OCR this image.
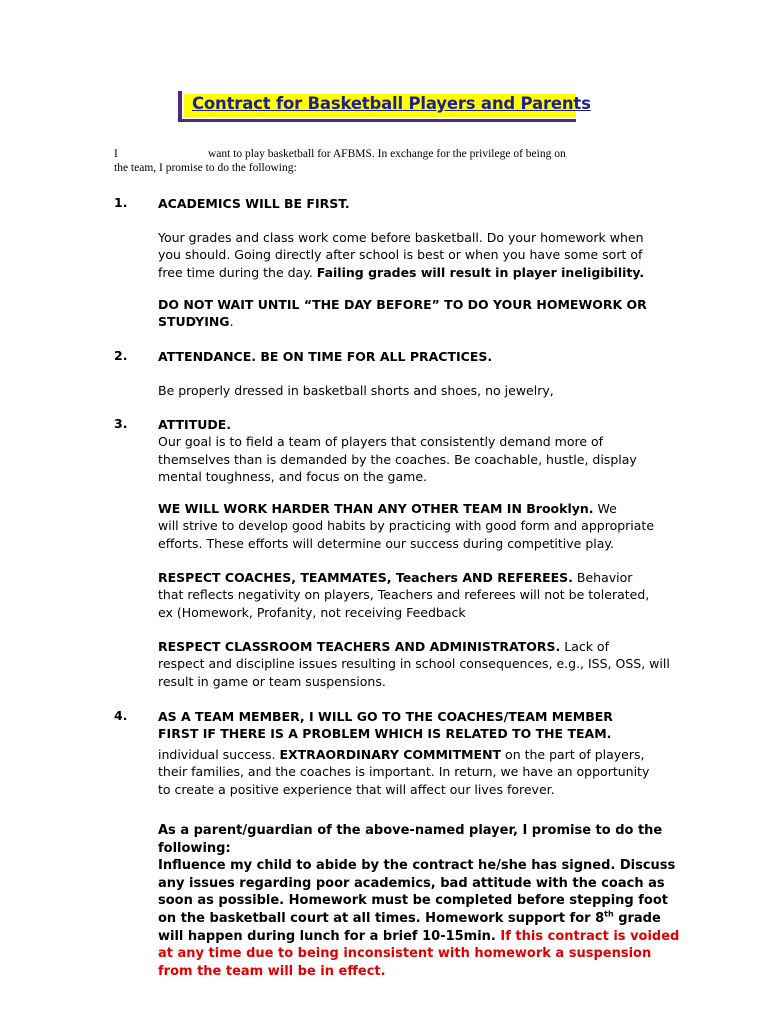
Contract for Basketball Players and Parents
I	want to play basketball for AFBMS. In exchange for the privilege of being on
the team, I promise to do the following:
1. ACADEMICS WILL BE FIRST.
Your grades and class work come before basketball. Do your homework when
you should. Going directly after school is best or when you have some sort of
free time during the day. Failing grades will result in player ineligibility.
DO NOT WAIT UNTIL “THE DAY BEFORE” TO DO YOUR HOMEWORK OR
STUDYING.
2. ATTENDANCE. BE ON TIME FOR ALL PRACTICES.
Be properly dressed in basketball shorts and shoes, no jewelry,
3. ATTITUDE.
Our goal is to field a team of players that consistently demand more of
themselves than is demanded by the coaches. Be coachable, hustle, display
mental toughness, and focus on the game.
WE WILL WORK HARDER THAN ANY OTHER TEAM IN Brooklyn. We
will strive to develop good habits by practicing with good form and appropriate
efforts. These efforts will determine our success during competitive play.
RESPECT COACHES, TEAMMATES, Teachers AND REFEREES. Behavior
that reflects negativity on players, Teachers and referees will not be tolerated,
ex (Homework, Profanity, not receiving Feedback
RESPECT CLASSROOM TEACHERS AND ADMINISTRATORS. Lack of
respect and discipline issues resulting in school consequences, e.g., ISS, OSS, will
result in game or team suspensions.
4. AS A TEAM MEMBER, I WILL GO TO THE COACHES/TEAM MEMBER
FIRST IF THERE IS A PROBLEM WHICH IS RELATED TO THE TEAM.
individual success. EXTRAORDINARY COMMITMENT on the part of players,
their families, and the coaches is important. In return, we have an opportunity
to create a positive experience that will affect our lives forever.
As a parent/guardian of the above-named player, I promise to do the
following:
Influence my child to abide by the contract he/she has signed. Discuss
any issues regarding poor academics, bad attitude with the coach as
soon as possible. Homework must be completed before stepping foot
on the basketball court at all times. Homework support for 8th grade
will happen during lunch for a brief 10-15min. If this contract is voided
at any time due to being inconsistent with homework a suspension
from the team will be in effect.
